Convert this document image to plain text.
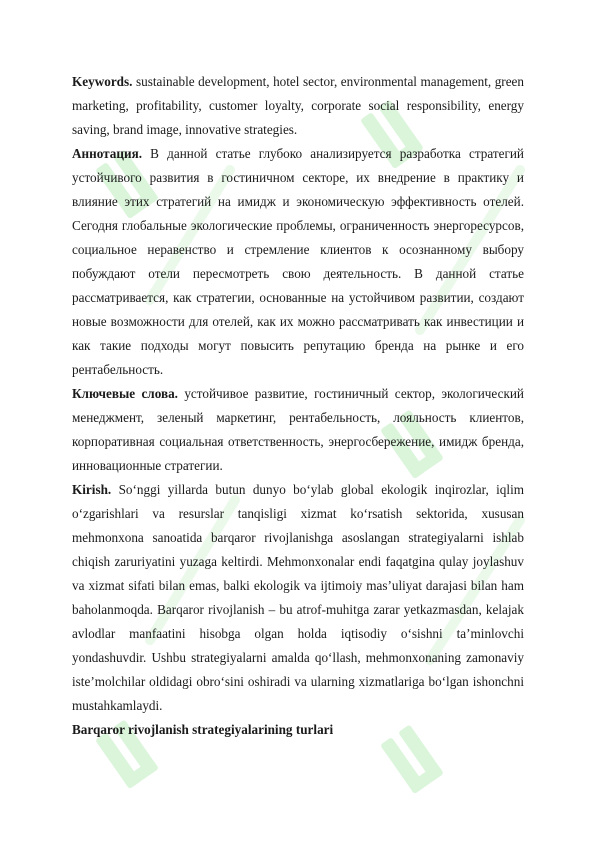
Keywords. sustainable development, hotel sector, environmental management, green marketing, profitability, customer loyalty, corporate social responsibility, energy saving, brand image, innovative strategies.

Аннотация. В данной статье глубоко анализируется разработка стратегий устойчивого развития в гостиничном секторе, их внедрение в практику и влияние этих стратегий на имидж и экономическую эффективность отелей. Сегодня глобальные экологические проблемы, ограниченность энергоресурсов, социальное неравенство и стремление клиентов к осознанному выбору побуждают отели пересмотреть свою деятельность. В данной статье рассматривается, как стратегии, основанные на устойчивом развитии, создают новые возможности для отелей, как их можно рассматривать как инвестиции и как такие подходы могут повысить репутацию бренда на рынке и его рентабельность.

Ключевые слова. устойчивое развитие, гостиничный сектор, экологический менеджмент, зеленый маркетинг, рентабельность, лояльность клиентов, корпоративная социальная ответственность, энергосбережение, имидж бренда, инновационные стратегии.

Kirish. So‘nggi yillarda butun dunyo bo‘ylab global ekologik inqirozlar, iqlim o‘zgarishlari va resurslar tanqisligi xizmat ko‘rsatish sektorida, xususan mehmonxona sanoatida barqaror rivojlanishga asoslangan strategiyalarni ishlab chiqish zaruriyatini yuzaga keltirdi. Mehmonxonalar endi faqatgina qulay joylashuv va xizmat sifati bilan emas, balki ekologik va ijtimoiy mas’uliyat darajasi bilan ham baholanmoqda. Barqaror rivojlanish – bu atrof-muhitga zarar yetkazmasdan, kelajak avlodlar manfaatini hisobga olgan holda iqtisodiy o‘sishni ta’minlovchi yondashuvdir. Ushbu strategiyalarni amalda qo‘llash, mehmonxonaning zamonaviy iste’molchilar oldidagi obro‘sini oshiradi va ularning xizmatlariga bo‘lgan ishonchni mustahkamlaydi.

Barqaror rivojlanish strategiyalarining turlari
